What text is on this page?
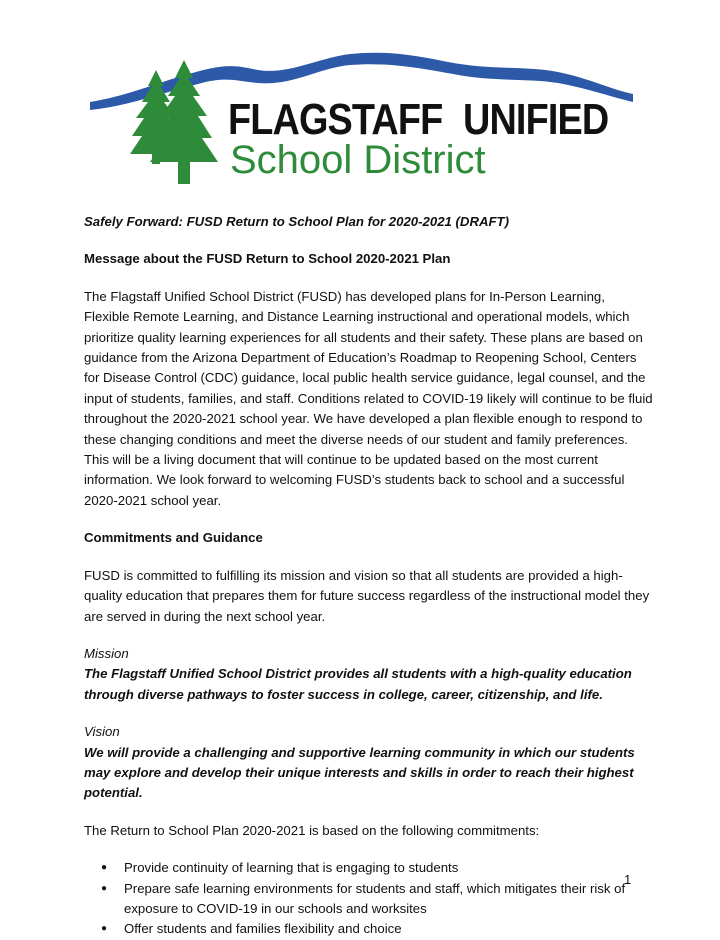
FLAGSTAFF UNIFIED
School District

Safely Forward: FUSD Return to School Plan for 2020-2021 (DRAFT)

Message about the FUSD Return to School 2020-2021 Plan

The Flagstaff Unified School District (FUSD) has developed plans for In-Person Learning, Flexible Remote Learning, and Distance Learning instructional and operational models, which prioritize quality learning experiences for all students and their safety. These plans are based on guidance from the Arizona Department of Education’s Roadmap to Reopening School, Centers for Disease Control (CDC) guidance, local public health service guidance, legal counsel, and the input of students, families, and staff. Conditions related to COVID-19 likely will continue to be fluid throughout the 2020-2021 school year. We have developed a plan flexible enough to respond to these changing conditions and meet the diverse needs of our student and family preferences. This will be a living document that will continue to be updated based on the most current information. We look forward to welcoming FUSD’s students back to school and a successful 2020-2021 school year.

Commitments and Guidance

FUSD is committed to fulfilling its mission and vision so that all students are provided a high-quality education that prepares them for future success regardless of the instructional model they are served in during the next school year.

Mission

The Flagstaff Unified School District provides all students with a high-quality education through diverse pathways to foster success in college, career, citizenship, and life.

Vision

We will provide a challenging and supportive learning community in which our students may explore and develop their unique interests and skills in order to reach their highest potential.

The Return to School Plan 2020-2021 is based on the following commitments:

● Provide continuity of learning that is engaging to students
● Prepare safe learning environments for students and staff, which mitigates their risk of exposure to COVID-19 in our schools and worksites
● Offer students and families flexibility and choice
1
